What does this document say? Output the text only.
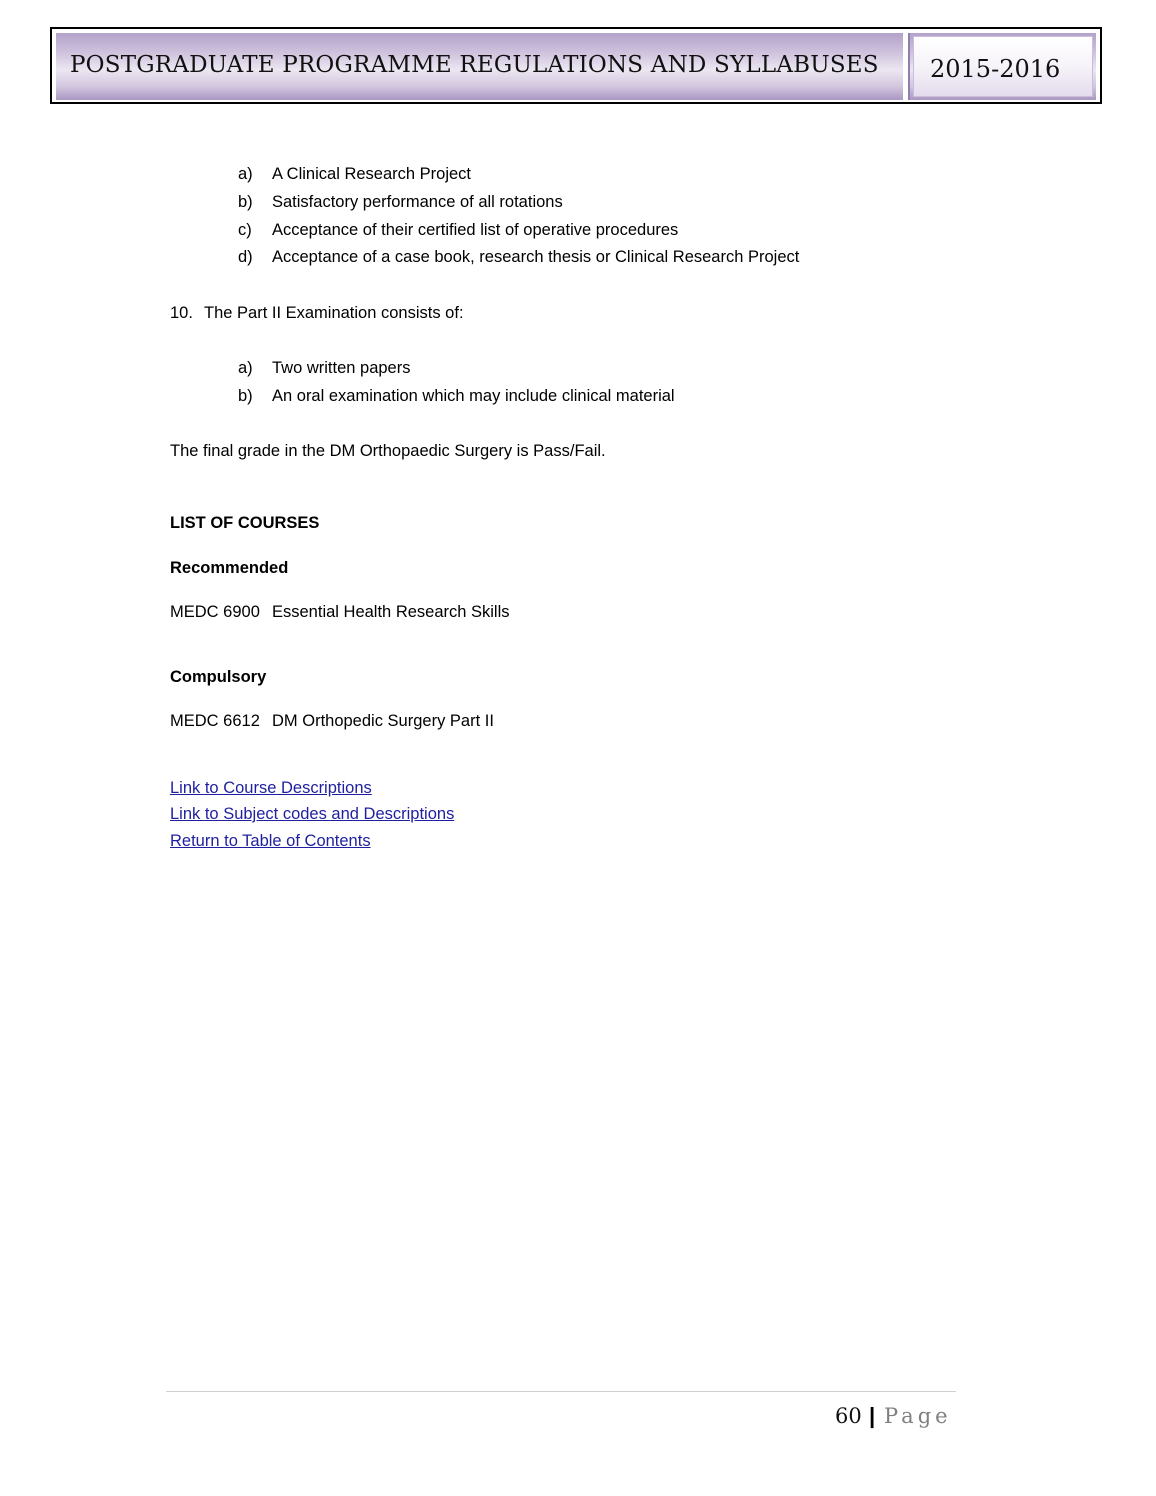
POSTGRADUATE PROGRAMME REGULATIONS AND SYLLABUSES 2015-2016
a) A Clinical Research Project
b) Satisfactory performance of all rotations
c) Acceptance of their certified list of operative procedures
d) Acceptance of a case book, research thesis or Clinical Research Project
10. The Part II Examination consists of:
a) Two written papers
b) An oral examination which may include clinical material
The final grade in the DM Orthopaedic Surgery is Pass/Fail.
LIST OF COURSES
Recommended
MEDC 6900 Essential Health Research Skills
Compulsory
MEDC 6612 DM Orthopedic Surgery Part II
Link to Course Descriptions
Link to Subject codes and Descriptions
Return to Table of Contents
60 | Page
